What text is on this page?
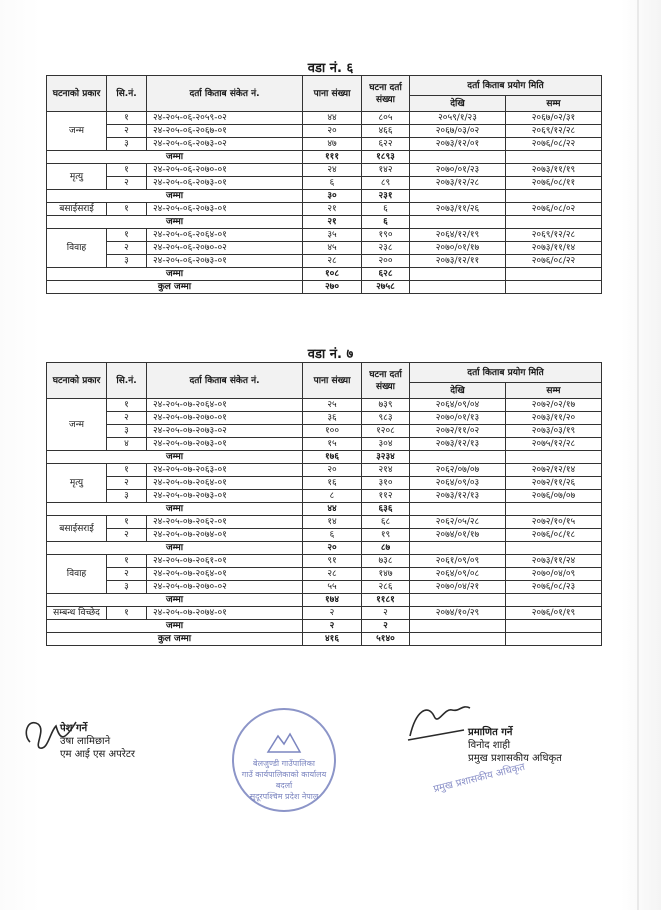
वडा नं. ६
घटनाको प्रकार	सि.नं.	दर्ता किताब संकेत नं.	पाना संख्या	घटना दर्ता संख्या	दर्ता किताब प्रयोग मिति	
					देखि	सम्म
जन्म	१	२४-२०५-०६-२०५९-०२	४४	८०५	२०५९/१/२३	२०६७/०२/३१
	२	२४-२०५-०६-२०६७-०१	२०	४६६	२०६७/०३/०२	२०६९/१२/२८
	३	२४-२०५-०६-२०७३-०२	४७	६२२	२०७३/१२/०१	२०७६/०८/२२
जम्मा			१११	१८९३		
मृत्यु	१	२४-२०५-०६-२०७०-०१	२४	१४२	२०७०/०१/२३	२०७३/११/१९
	२	२४-२०५-०६-२०७३-०१	६	८९	२०७३/१२/२८	२०७६/०८/११
जम्मा			३०	२३१		
बसाईसराई	१	२४-२०५-०६-२०७३-०१	२१	६	२०७३/११/२६	२०७६/०८/०२
जम्मा			२१	६		
विवाह	१	२४-२०५-०६-२०६४-०१	३५	१९०	२०६४/१२/१९	२०६९/१२/२८
	२	२४-२०५-०६-२०७०-०२	४५	२३८	२०७०/०१/१७	२०७३/११/१४
	३	२४-२०५-०६-२०७३-०१	२८	२००	२०७३/१२/११	२०७६/०८/२२
जम्मा			१०८	६२८		
कुल जम्मा			२७०	२७५८		
वडा नं. ७
घटनाको प्रकार	सि.नं.	दर्ता किताब संकेत नं.	पाना संख्या	घटना दर्ता संख्या	दर्ता किताब प्रयोग मिति	
					देखि	सम्म
जन्म	१	२४-२०५-०७-२०६४-०१	२५	७३९	२०६४/०९/०४	२०७२/०२/१७
	२	२४-२०५-०७-२०७०-०१	३६	९८३	२०७०/०१/१३	२०७३/११/२०
	३	२४-२०५-०७-२०७३-०२	१००	१२०८	२०७२/११/०२	२०७३/०३/१९
	४	२४-२०५-०७-२०७३-०१	१५	३०४	२०७३/१२/१३	२०७५/१२/२८
जम्मा			१७६	३२३४		
मृत्यु	१	२४-२०५-०७-२०६३-०१	२०	२१४	२०६२/०७/०७	२०७२/१२/१४
	२	२४-२०५-०७-२०६४-०१	१६	३१०	२०६४/०९/०३	२०७२/११/२६
	३	२४-२०५-०७-२०७३-०१	८	११२	२०७३/१२/१३	२०७६/०७/०७
जम्मा			४४	६३६		
बसाईसराई	१	२४-२०५-०७-२०६२-०१	१४	६८	२०६२/०५/२८	२०७२/१०/१५
	२	२४-२०५-०७-२०७४-०१	६	१९	२०७४/०१/१७	२०७६/०८/१८
जम्मा			२०	८७		
विवाह	१	२४-२०५-०७-२०६१-०१	९१	७३८	२०६१/०९/०९	२०७३/११/२४
	२	२४-२०५-०७-२०६४-०१	२८	१४७	२०६४/०९/०८	२०७०/०४/०९
	३	२४-२०५-०७-२०७०-०२	५५	२८६	२०७०/०४/२१	२०७६/०८/२३
जम्मा			१७४	११८१		
सम्बन्ध विच्छेद	१	२४-२०५-०७-२०७४-०१	२	२	२०७४/१०/२९	२०७६/०१/१९
जम्मा			२	२		
कुल जम्मा			४१६	५१४०		
पेश गर्ने
उषा लामिछाने
एम आई एस अपरेटर
बेलजुण्डी गाउँपालिका
गाउँ कार्यपालिकाको कार्यालय
बदर्ला
सुदूरपश्चिम प्रदेश नेपाल
प्रमाणित गर्ने
विनोद शाही
प्रमुख प्रशासकीय अधिकृत
प्रमुख प्रशासकीय अधिकृत
